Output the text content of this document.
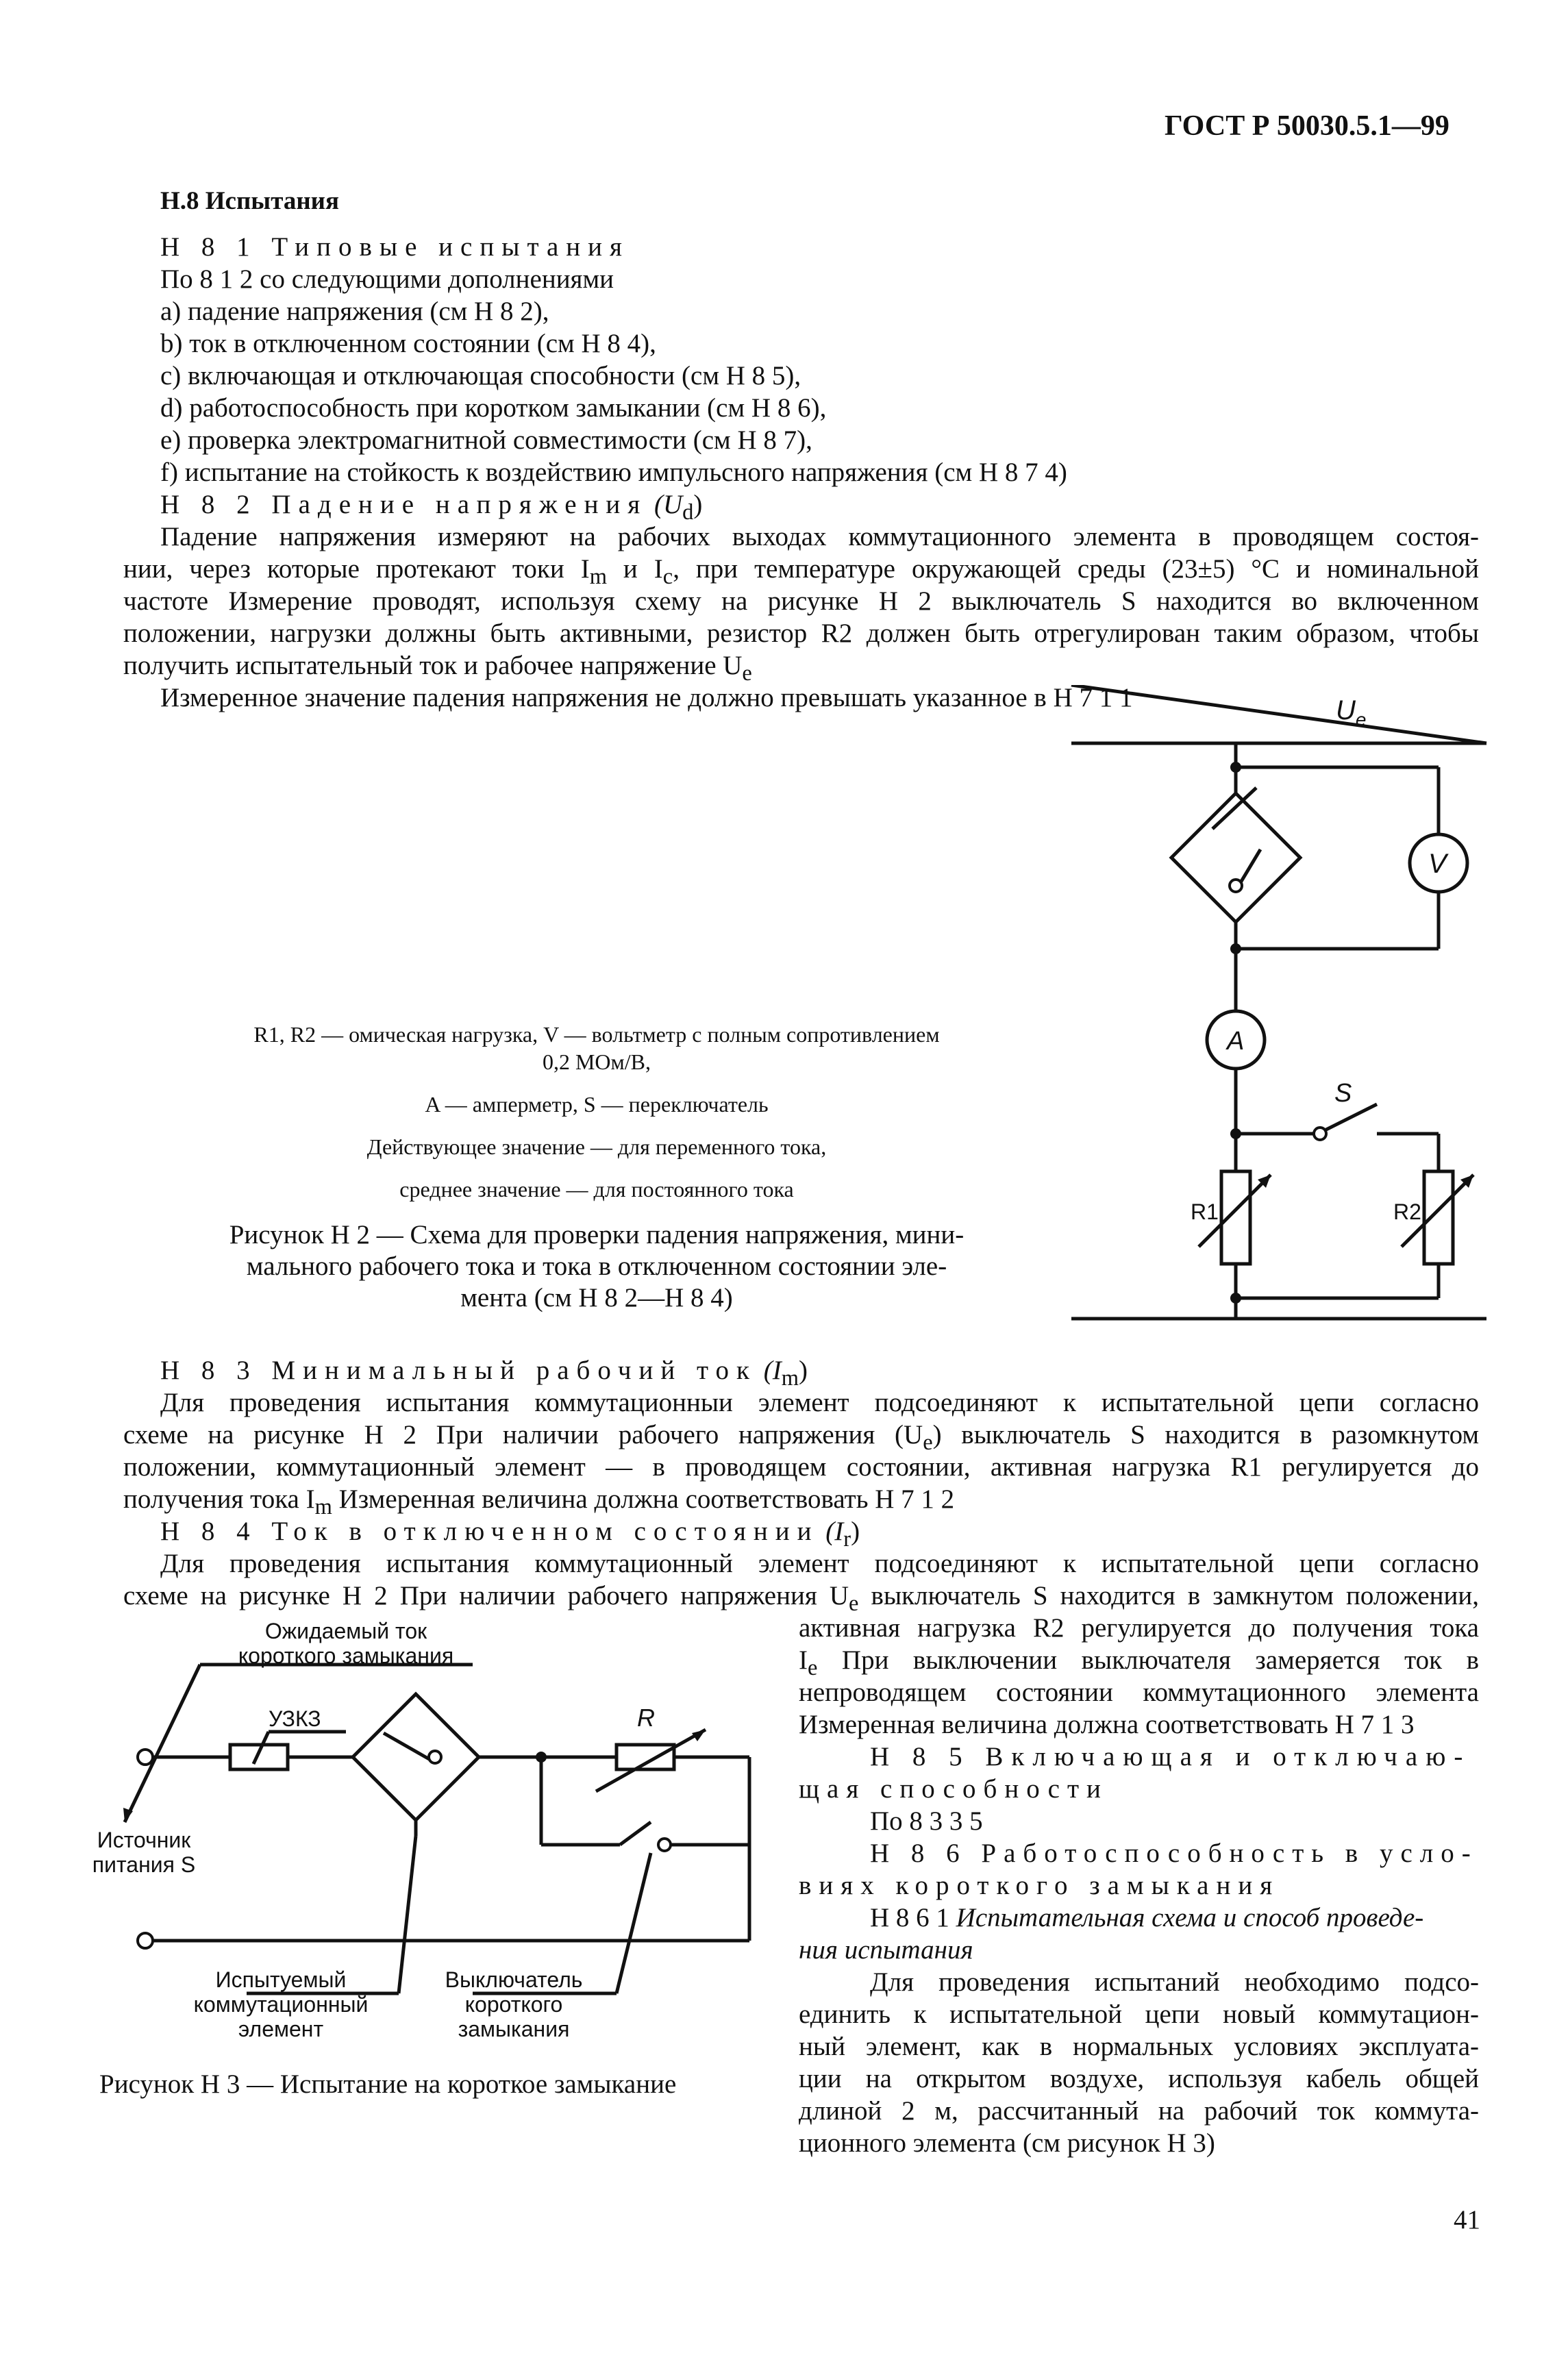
ГОСТ Р 50030.5.1—99
Н.8 Испытания
Н 8 1 Типовые испытания
По 8 1 2 со следующими дополнениями
a) падение напряжения (см Н 8 2),
b) ток в отключенном состоянии (см Н 8 4),
c) включающая и отключающая способности (см Н 8 5),
d) работоспособность при коротком замыкании (см Н 8 6),
e) проверка электромагнитной совместимости (см Н 8 7),
f) испытание на стойкость к воздействию импульсного напряжения (см Н 8 7 4)
Н 8 2 Падение напряжения $(U_d)$
Падение напряжения измеряют на рабочих выходах коммутационного элемента в проводящем состоя-
нии, через которые протекают токи $I_m$ и $I_c$, при температуре окружающей среды (23±5) °С и номинальной
частоте Измерение проводят, используя схему на рисунке Н 2 выключатель S находится во включенном
положении, нагрузки должны быть активными, резистор R2 должен быть отрегулирован таким образом, чтобы
получить испытательный ток и рабочее напряжение $U_e$
Измеренное значение падения напряжения не должно превышать указанное в Н 7 1 1	$U_e$
V
A
S
R1	R2
R1, R2 — омическая нагрузка, V — вольтметр с полным сопротивлением
0,2 МОм/В,
A — амперметр, S — переключатель
Действующее значение — для переменного тока,
среднее значение — для постоянного тока
Рисунок Н 2 — Схема для проверки падения напряжения, мини-
мального рабочего тока и тока в отключенном состоянии эле-
мента (см Н 8 2—Н 8 4)
Н 8 3 Минимальный рабочий ток $(I_m)$
Для проведения испытания коммутационныи элемент подсоединяют к испытательной цепи согласно
схеме на рисунке Н 2 При наличии рабочего напряжения $(U_e)$ выключатель S находится в разомкнутом
положении, коммутационный элемент — в проводящем состоянии, активная нагрузка R1 регулируется до
получения тока $I_m$ Измеренная величина должна соответствовать Н 7 1 2
Н 8 4 Ток в отключенном состоянии $(I_r)$
Для проведения испытания коммутационный элемент подсоединяют к испытательной цепи согласно
схеме на рисунке Н 2 При наличии рабочего напряжения $U_e$ выключатель S находится в замкнутом положении,
активная нагрузка R2 регулируется до получения тока
$I_e$ При выключении выключателя замеряется ток в
непроводящем состоянии коммутационного элемента
Измеренная величина должна соответствовать Н 7 1 3
Н 8 5 Включающая и отключаю-
щая способности
По 8 3 3 5
Н 8 6 Работоспособность в усло-
виях короткого замыкания
Н 8 6 1 Испытательная схема и способ проведе-
ния испытания
Для проведения испытаний необходимо подсо-
единить к испытательной цепи новый коммутацион-
ный элемент, как в нормальных условиях эксплуата-
ции на открытом воздухе, используя кабель общей
длиной 2 м, рассчитанный на рабочий ток коммута-
ционного элемента (см рисунок Н 3)
R
УЗКЗ
Ожидаемый ток
короткого замыкания
Источник
питания S
Испытуемый
коммутационный
элемент
Выключатель
короткого
замыкания
Рисунок Н 3 — Испытание на короткое замыкание
41
